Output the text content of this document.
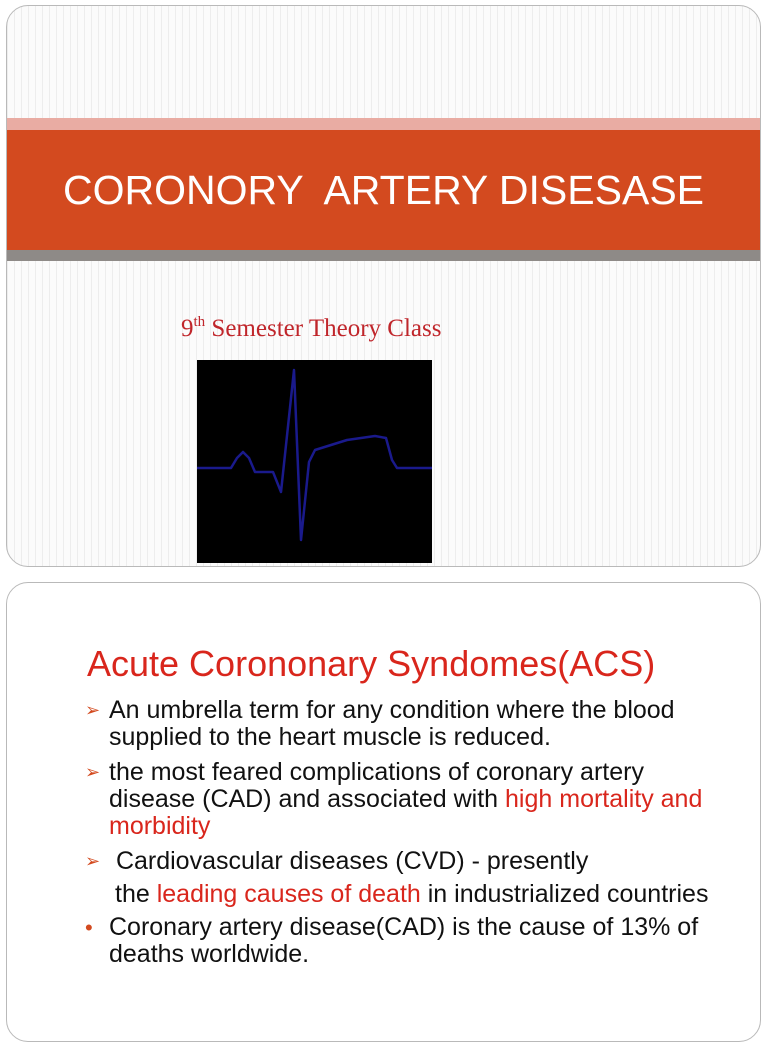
CORONORY  ARTERY DISESASE
9th Semester Theory Class
Acute Corononary Syndomes(ACS)
➢ An umbrella term for any condition where the blood supplied to the heart muscle is reduced.
➢ the most feared complications of coronary artery       disease (CAD) and associated with high mortality and morbidity
➢ Cardiovascular diseases (CVD) - presently
the leading causes of death in industrialized countries
• Coronary artery disease(CAD) is the cause of 13% of deaths worldwide.
